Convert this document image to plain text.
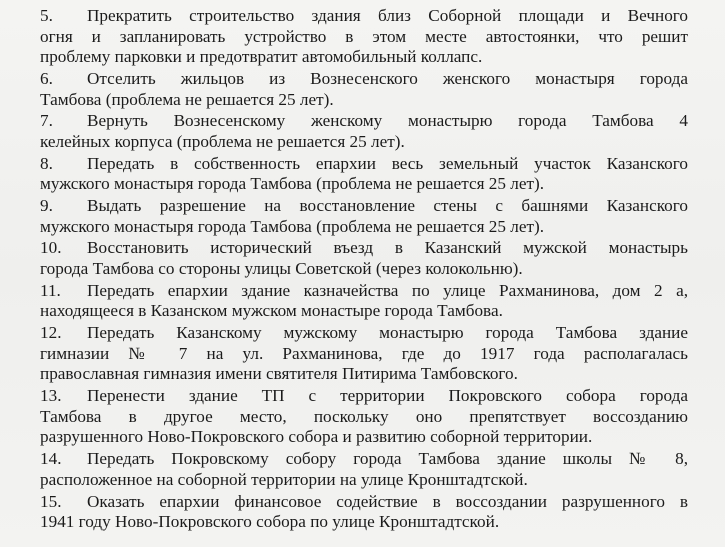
5. Прекратить строительство здания близ Соборной площади и Вечного
огня и запланировать устройство в этом месте автостоянки, что решит
проблему парковки и предотвратит автомобильный коллапс.
6. Отселить жильцов из Вознесенского женского монастыря города
Тамбова (проблема не решается 25 лет).
7. Вернуть Вознесенскому женскому монастырю города Тамбова 4
келейных корпуса (проблема не решается 25 лет).
8. Передать в собственность епархии весь земельный участок Казанского
мужского монастыря города Тамбова (проблема не решается 25 лет).
9. Выдать разрешение на восстановление стены с башнями Казанского
мужского монастыря города Тамбова (проблема не решается 25 лет).
10. Восстановить исторический въезд в Казанский мужской монастырь
города Тамбова со стороны улицы Советской (через колокольню).
11. Передать епархии здание казначейства по улице Рахманинова, дом 2 а,
находящееся в Казанском мужском монастыре города Тамбова.
12. Передать Казанскому мужскому монастырю города Тамбова здание
гимназии № 7 на ул. Рахманинова, где до 1917 года располагалась
православная гимназия имени святителя Питирима Тамбовского.
13. Перенести здание ТП с территории Покровского собора города
Тамбова в другое место, поскольку оно препятствует воссозданию
разрушенного Ново-Покровского собора и развитию соборной территории.
14. Передать Покровскому собору города Тамбова здание школы № 8,
расположенное на соборной территории на улице Кронштадтской.
15. Оказать епархии финансовое содействие в воссоздании разрушенного в
1941 году Ново-Покровского собора по улице Кронштадтской.
